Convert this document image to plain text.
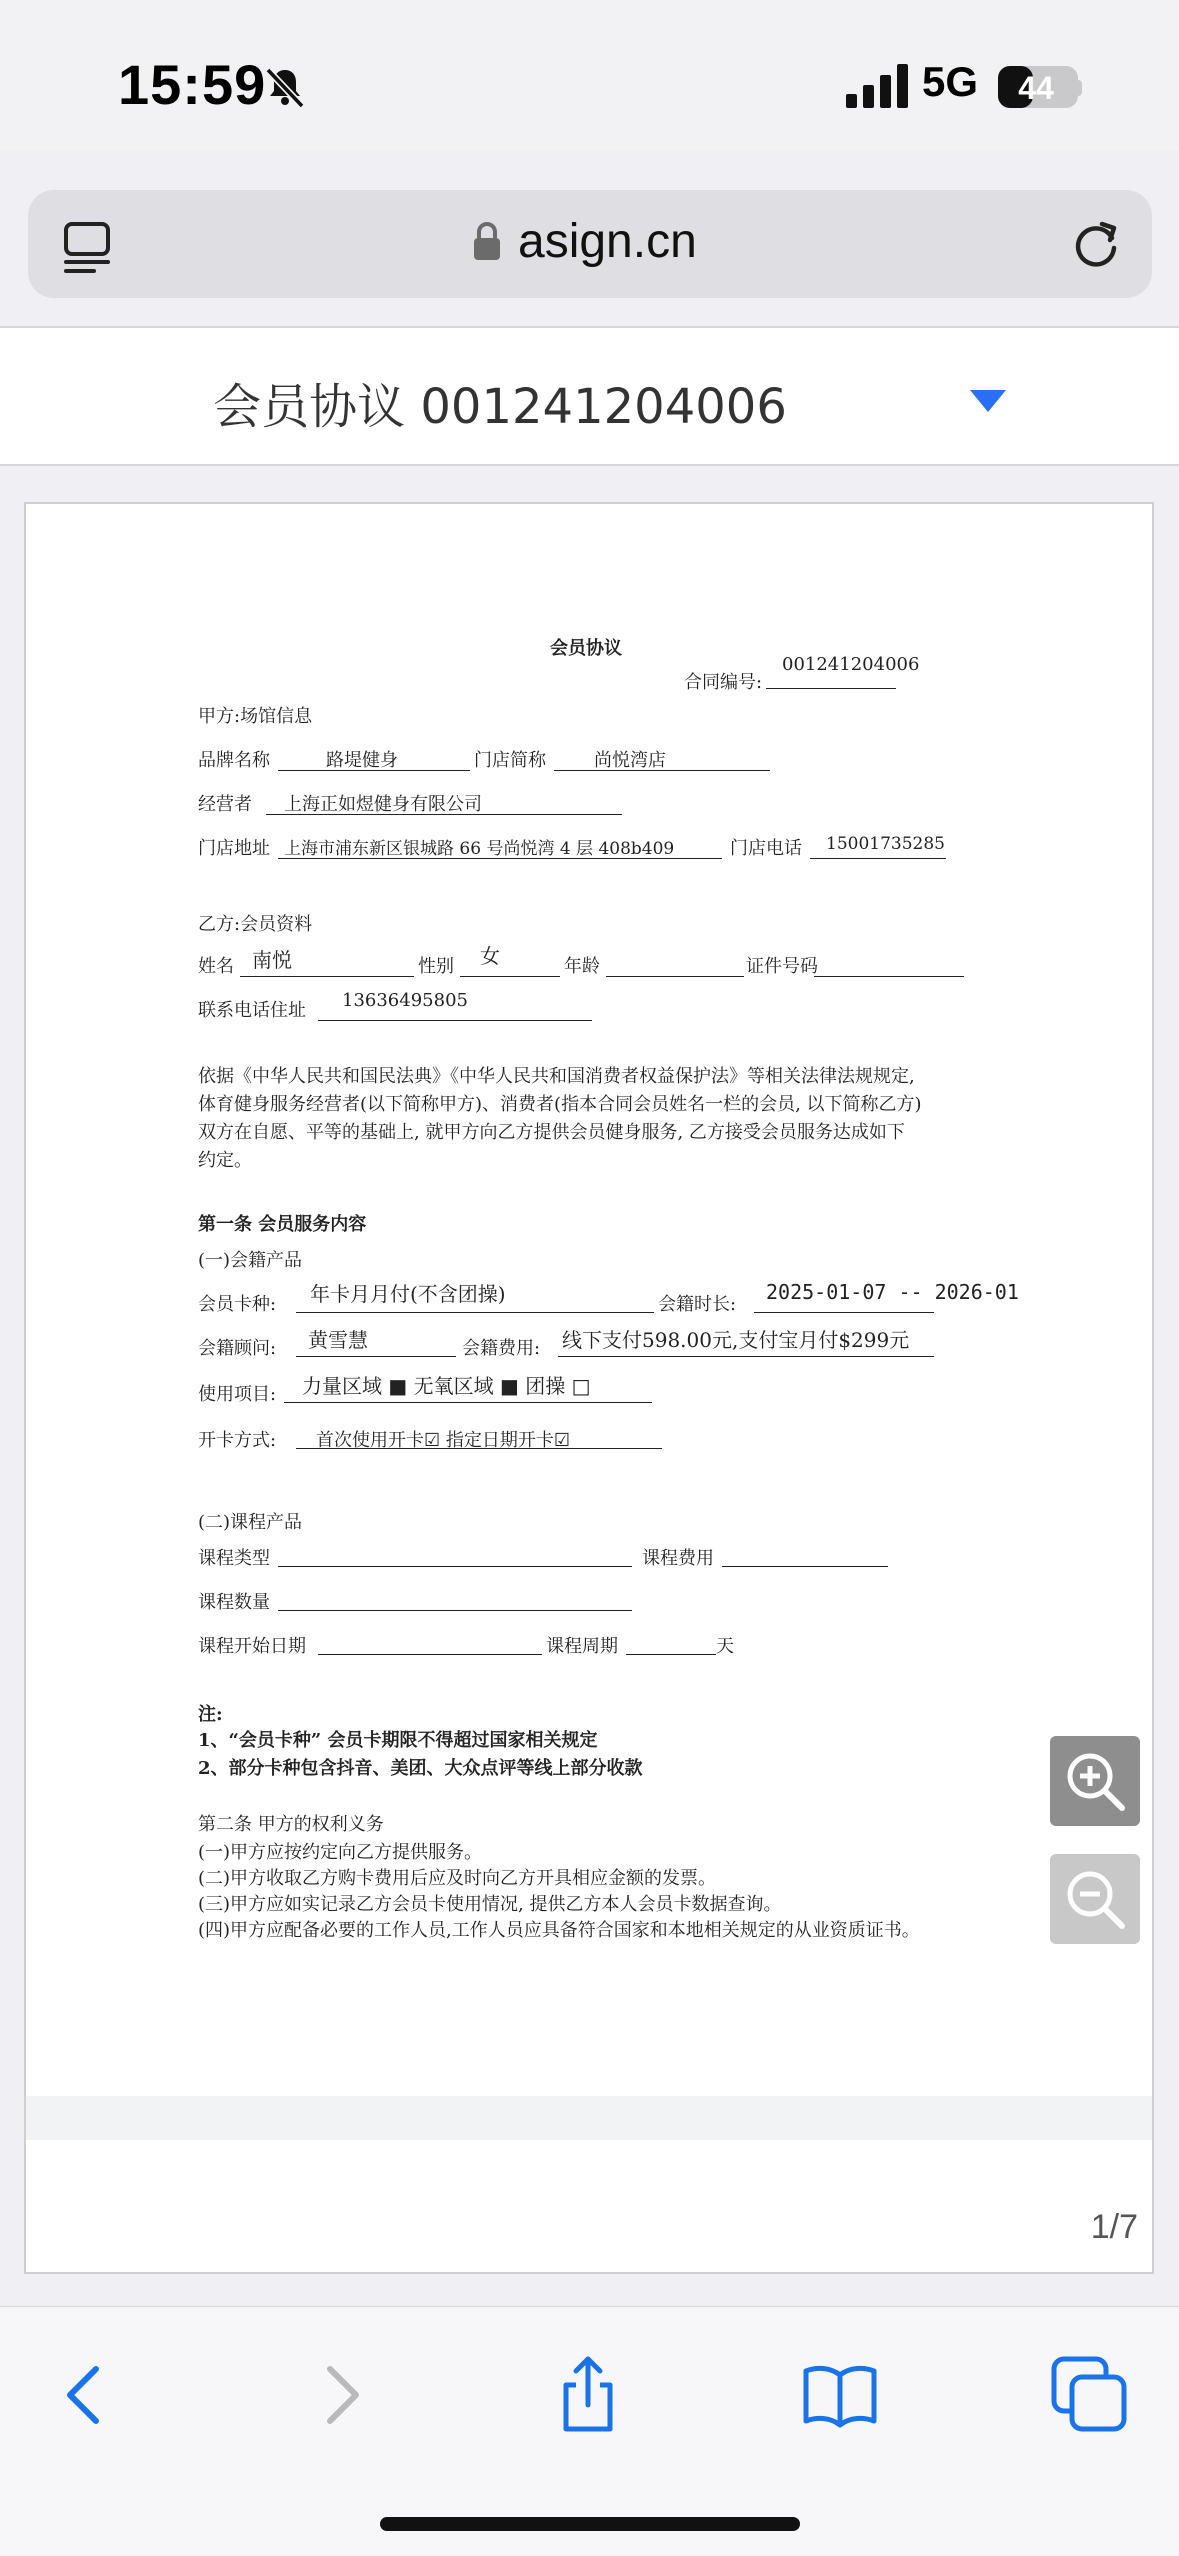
15:59	5G	44
asign.cn
会员协议 001241204006
会员协议
合同编号:
001241204006
甲方:场馆信息
品牌名称	路堤健身	门店简称	尚悦湾店
经营者 上海正如煜健身有限公司
门店地址 上海市浦东新区银城路 66 号尚悦湾 4 层 408b409	门店电话 15001735285
乙方:会员资料
姓名 南悦	性别 女	年龄	证件号码
联系电话住址 13636495805
依据《中华人民共和国民法典》《中华人民共和国消费者权益保护法》等相关法律法规规定,
体育健身服务经营者(以下简称甲方)、消费者(指本合同会员姓名一栏的会员, 以下简称乙方)
双方在自愿、平等的基础上, 就甲方向乙方提供会员健身服务, 乙方接受会员服务达成如下
约定。
第一条 会员服务内容
(一)会籍产品
会员卡种: 年卡月月付(不含团操)	会籍时长:
2025-01-07 -- 2026-01
会籍顾问: 黄雪慧	会籍费用: 线下支付598.00元,支付宝月付$299元
使用项目: 力量区域 ■ 无氧区域 ■ 团操 □
开卡方式: 首次使用开卡☑ 指定日期开卡☑
(二)课程产品
课程类型	课程费用
课程数量
课程开始日期	课程周期	天
注:
1、“会员卡种” 会员卡期限不得超过国家相关规定
2、部分卡种包含抖音、美团、大众点评等线上部分收款
第二条 甲方的权利义务
(一)甲方应按约定向乙方提供服务。
(二)甲方收取乙方购卡费用后应及时向乙方开具相应金额的发票。
(三)甲方应如实记录乙方会员卡使用情况, 提供乙方本人会员卡数据查询。
(四)甲方应配备必要的工作人员,工作人员应具备符合国家和本地相关规定的从业资质证书。
1/7
